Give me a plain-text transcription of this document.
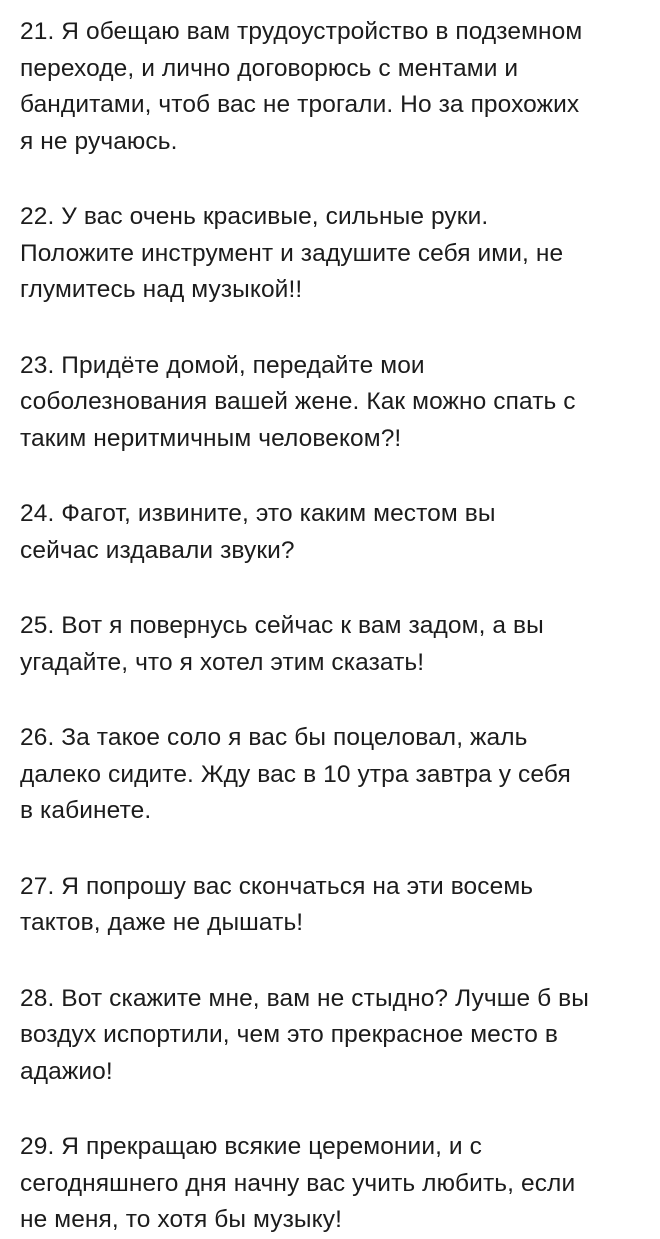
21. Я обещаю вам трудоустройство в подземном
переходе, и лично договорюсь с ментами и
бандитами, чтоб вас не трогали. Но за прохожих
я не ручаюсь.
22. У вас очень красивые, сильные руки.
Положите инструмент и задушите себя ими, не
глумитесь над музыкой!!
23. Придёте домой, передайте мои
соболезнования вашей жене. Как можно спать с
таким неритмичным человеком?!
24. Фагот, извините, это каким местом вы
сейчас издавали звуки?
25. Вот я повернусь сейчас к вам задом, а вы
угадайте, что я хотел этим сказать!
26. За такое соло я вас бы поцеловал, жаль
далеко сидите. Жду вас в 10 утра завтра у себя
в кабинете.
27. Я попрошу вас скончаться на эти восемь
тактов, даже не дышать!
28. Вот скажите мне, вам не стыдно? Лучше б вы
воздух испортили, чем это прекрасное место в
адажио!
29. Я прекращаю всякие церемонии, и с
сегодняшнего дня начну вас учить любить, если
не меня, то хотя бы музыку!
